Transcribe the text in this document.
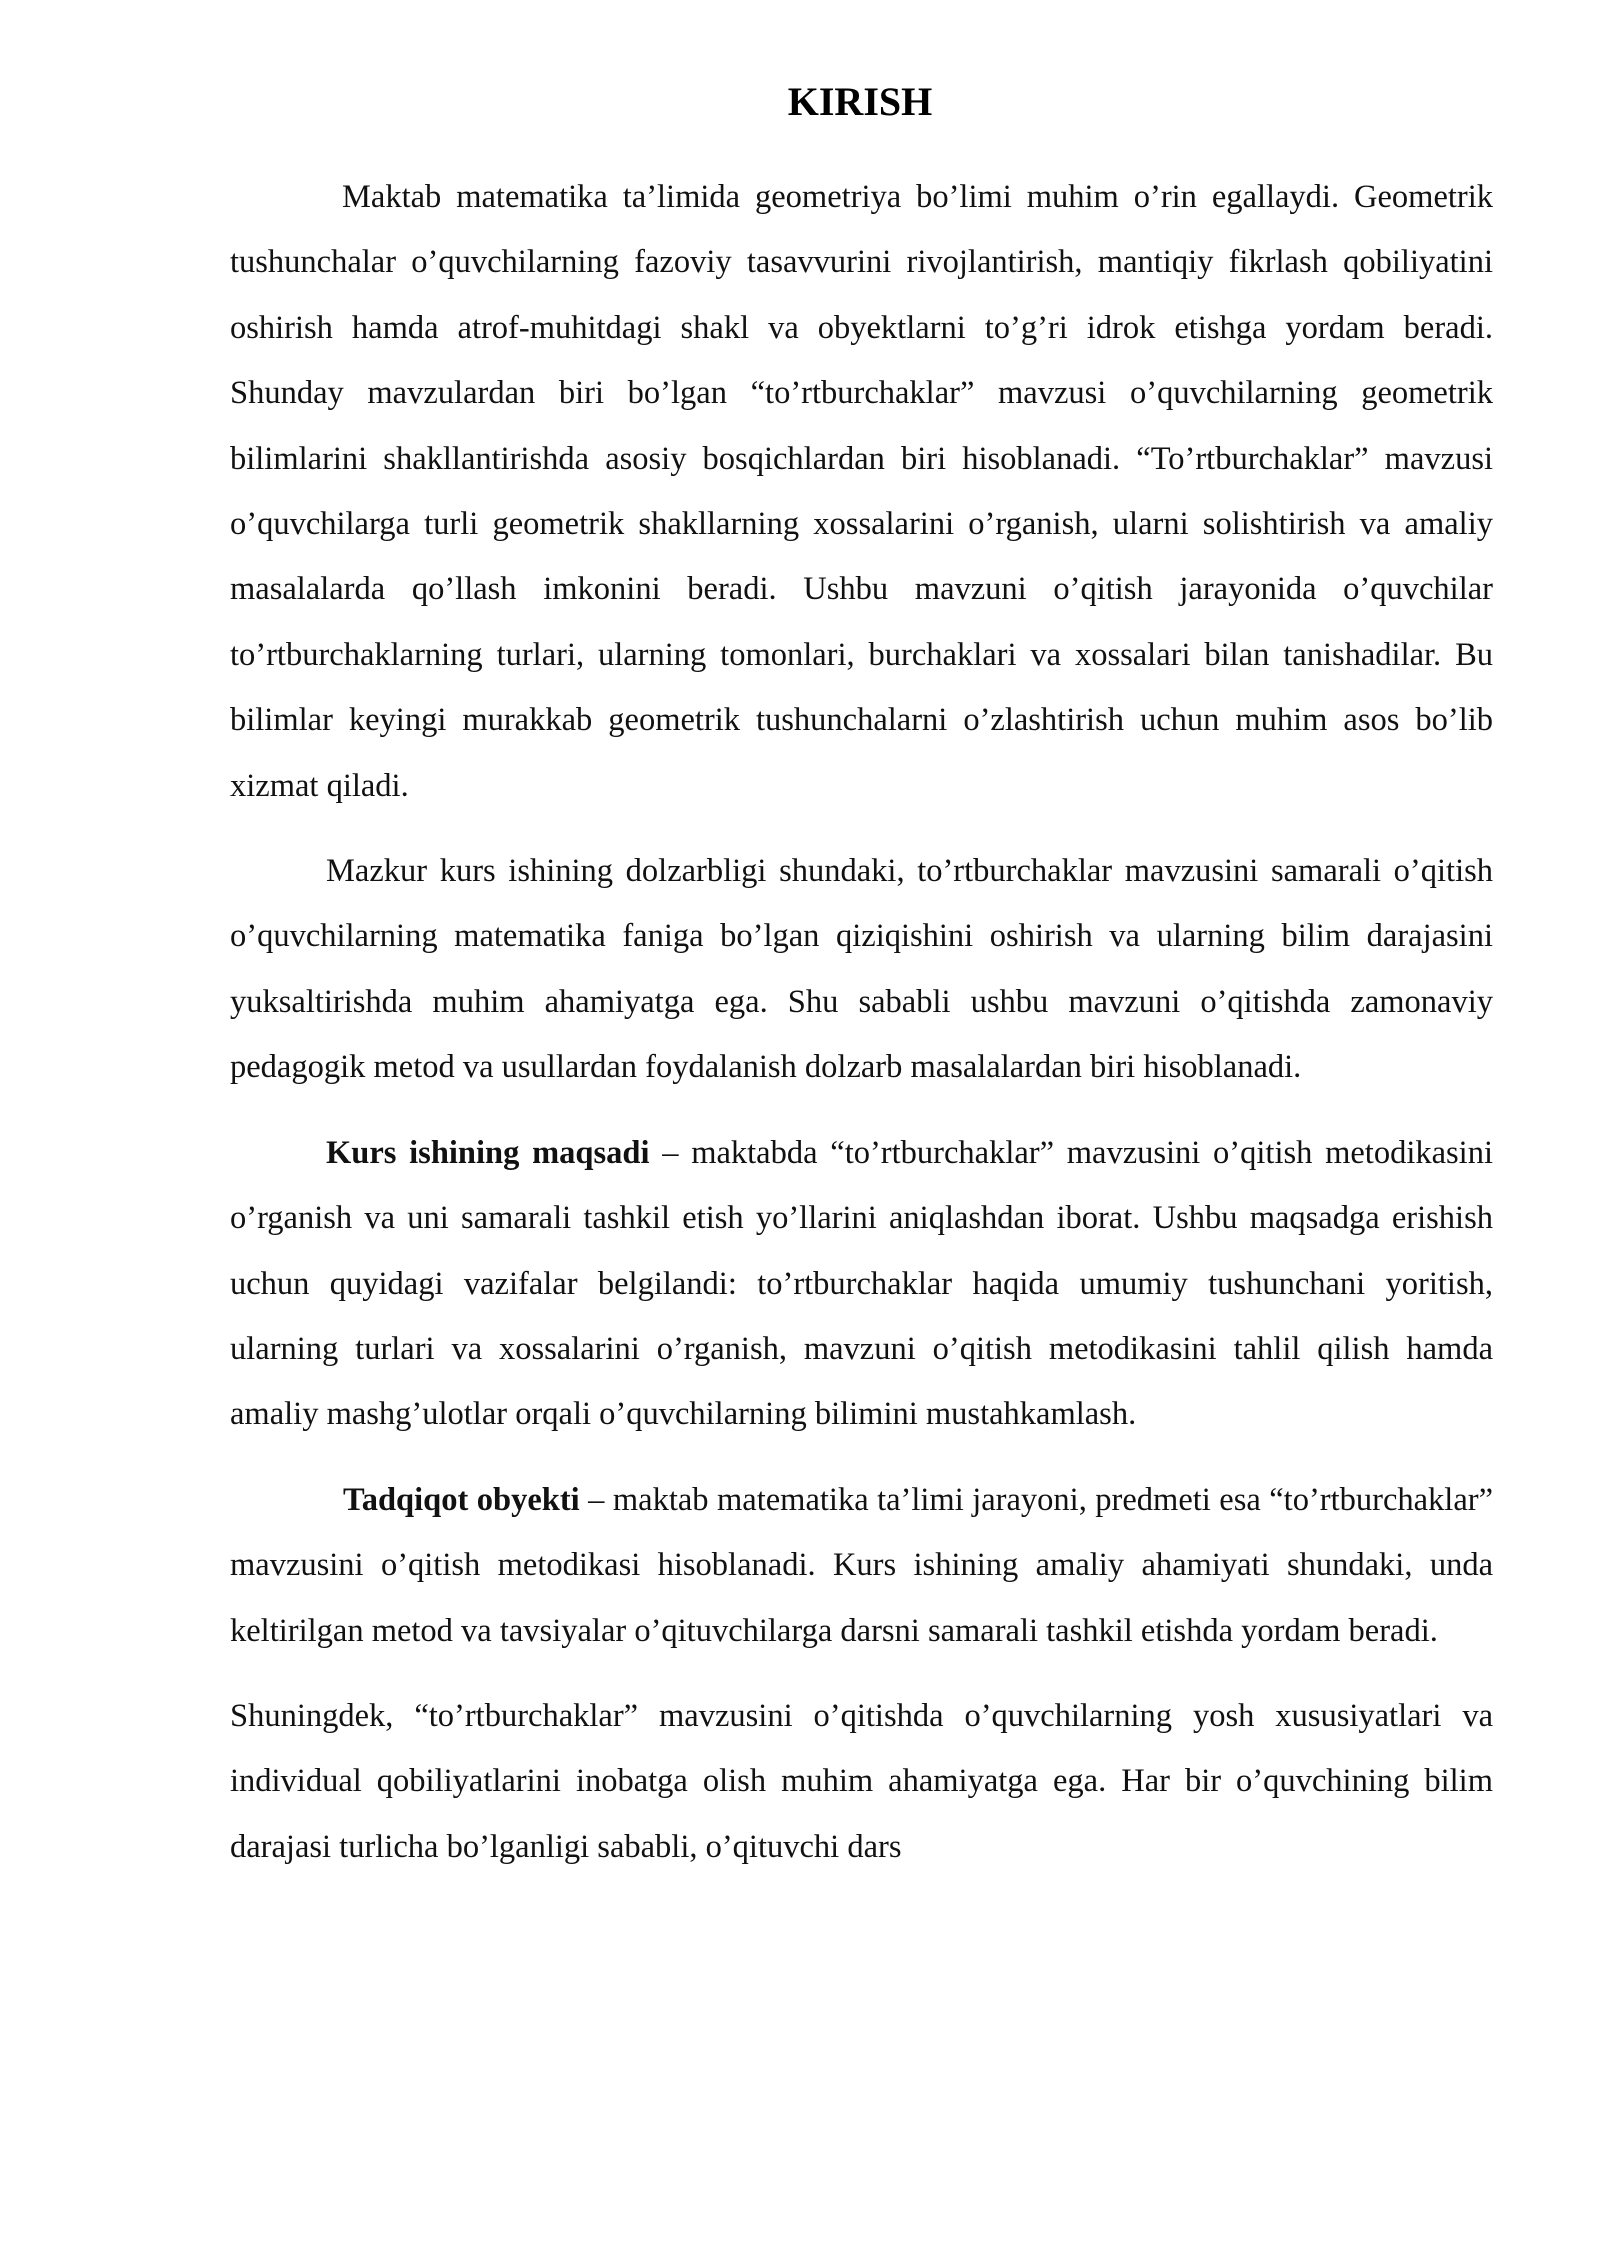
KIRISH

Maktab matematika ta’limida geometriya bo’limi muhim o’rin egallaydi. Geometrik tushunchalar o’quvchilarning fazoviy tasavvurini rivojlantirish, mantiqiy fikrlash qobiliyatini oshirish hamda atrof-muhitdagi shakl va obyektlarni to’g’ri idrok etishga yordam beradi. Shunday mavzulardan biri bo’lgan “to’rtburchaklar” mavzusi o’quvchilarning geometrik bilimlarini shakllantirishda asosiy bosqichlardan biri hisoblanadi. “To’rtburchaklar” mavzusi o’quvchilarga turli geometrik shakllarning xossalarini o’rganish, ularni solishtirish va amaliy masalalarda qo’llash imkonini beradi. Ushbu mavzuni o’qitish jarayonida o’quvchilar to’rtburchaklarning turlari, ularning tomonlari, burchaklari va xossalari bilan tanishadilar. Bu bilimlar keyingi murakkab geometrik tushunchalarni o’zlashtirish uchun muhim asos bo’lib xizmat qiladi.

Mazkur kurs ishining dolzarbligi shundaki, to’rtburchaklar mavzusini samarali o’qitish o’quvchilarning matematika faniga bo’lgan qiziqishini oshirish va ularning bilim darajasini yuksaltirishda muhim ahamiyatga ega. Shu sababli ushbu mavzuni o’qitishda zamonaviy pedagogik metod va usullardan foydalanish dolzarb masalalardan biri hisoblanadi.

Kurs ishining maqsadi – maktabda “to’rtburchaklar” mavzusini o’qitish metodikasini o’rganish va uni samarali tashkil etish yo’llarini aniqlashdan iborat. Ushbu maqsadga erishish uchun quyidagi vazifalar belgilandi: to’rtburchaklar haqida umumiy tushunchani yoritish, ularning turlari va xossalarini o’rganish, mavzuni o’qitish metodikasini tahlil qilish hamda amaliy mashg’ulotlar orqali o’quvchilarning bilimini mustahkamlash.

Tadqiqot obyekti – maktab matematika ta’limi jarayoni, predmeti esa “to’rtburchaklar” mavzusini o’qitish metodikasi hisoblanadi. Kurs ishining amaliy ahamiyati shundaki, unda keltirilgan metod va tavsiyalar o’qituvchilarga darsni samarali tashkil etishda yordam beradi.

Shuningdek, “to’rtburchaklar” mavzusini o’qitishda o’quvchilarning yosh xususiyatlari va individual qobiliyatlarini inobatga olish muhim ahamiyatga ega. Har bir o’quvchining bilim darajasi turlicha bo’lganligi sababli, o’qituvchi dars
